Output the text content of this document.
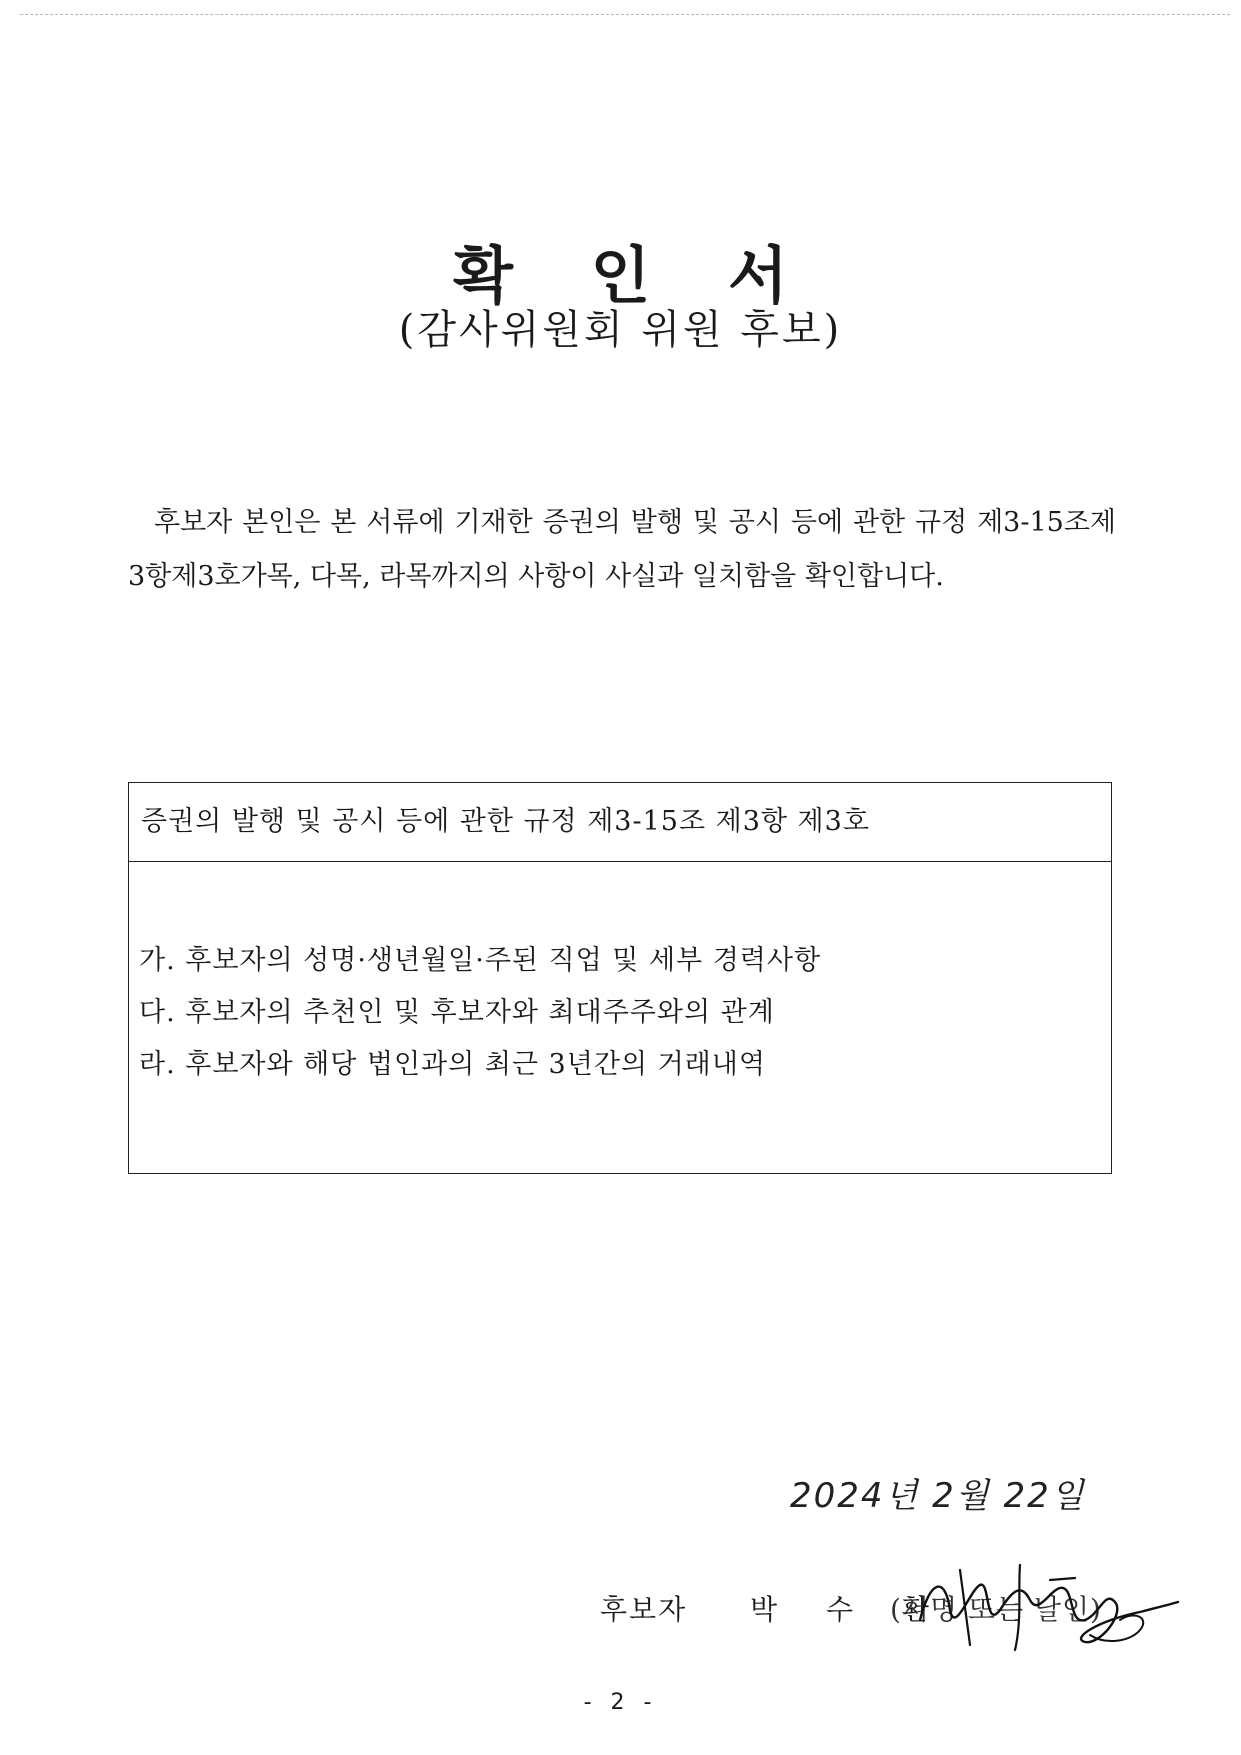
확 인 서
(감사위원회 위원 후보)

후보자 본인은 본 서류에 기재한 증권의 발행 및 공시 등에 관한 규정 제3-15조제3항제3호가목, 다목, 라목까지의 사항이 사실과 일치함을 확인합니다.

증권의 발행 및 공시 등에 관한 규정 제3-15조 제3항 제3호
가. 후보자의 성명·생년월일·주된 직업 및 세부 경력사항
다. 후보자의 추천인 및 후보자와 최대주주와의 관계
라. 후보자와 해당 법인과의 최근 3년간의 거래내역
2024년 2월 22일
후보자 박 수 환
(서명 또는 날인)
- 2 -
